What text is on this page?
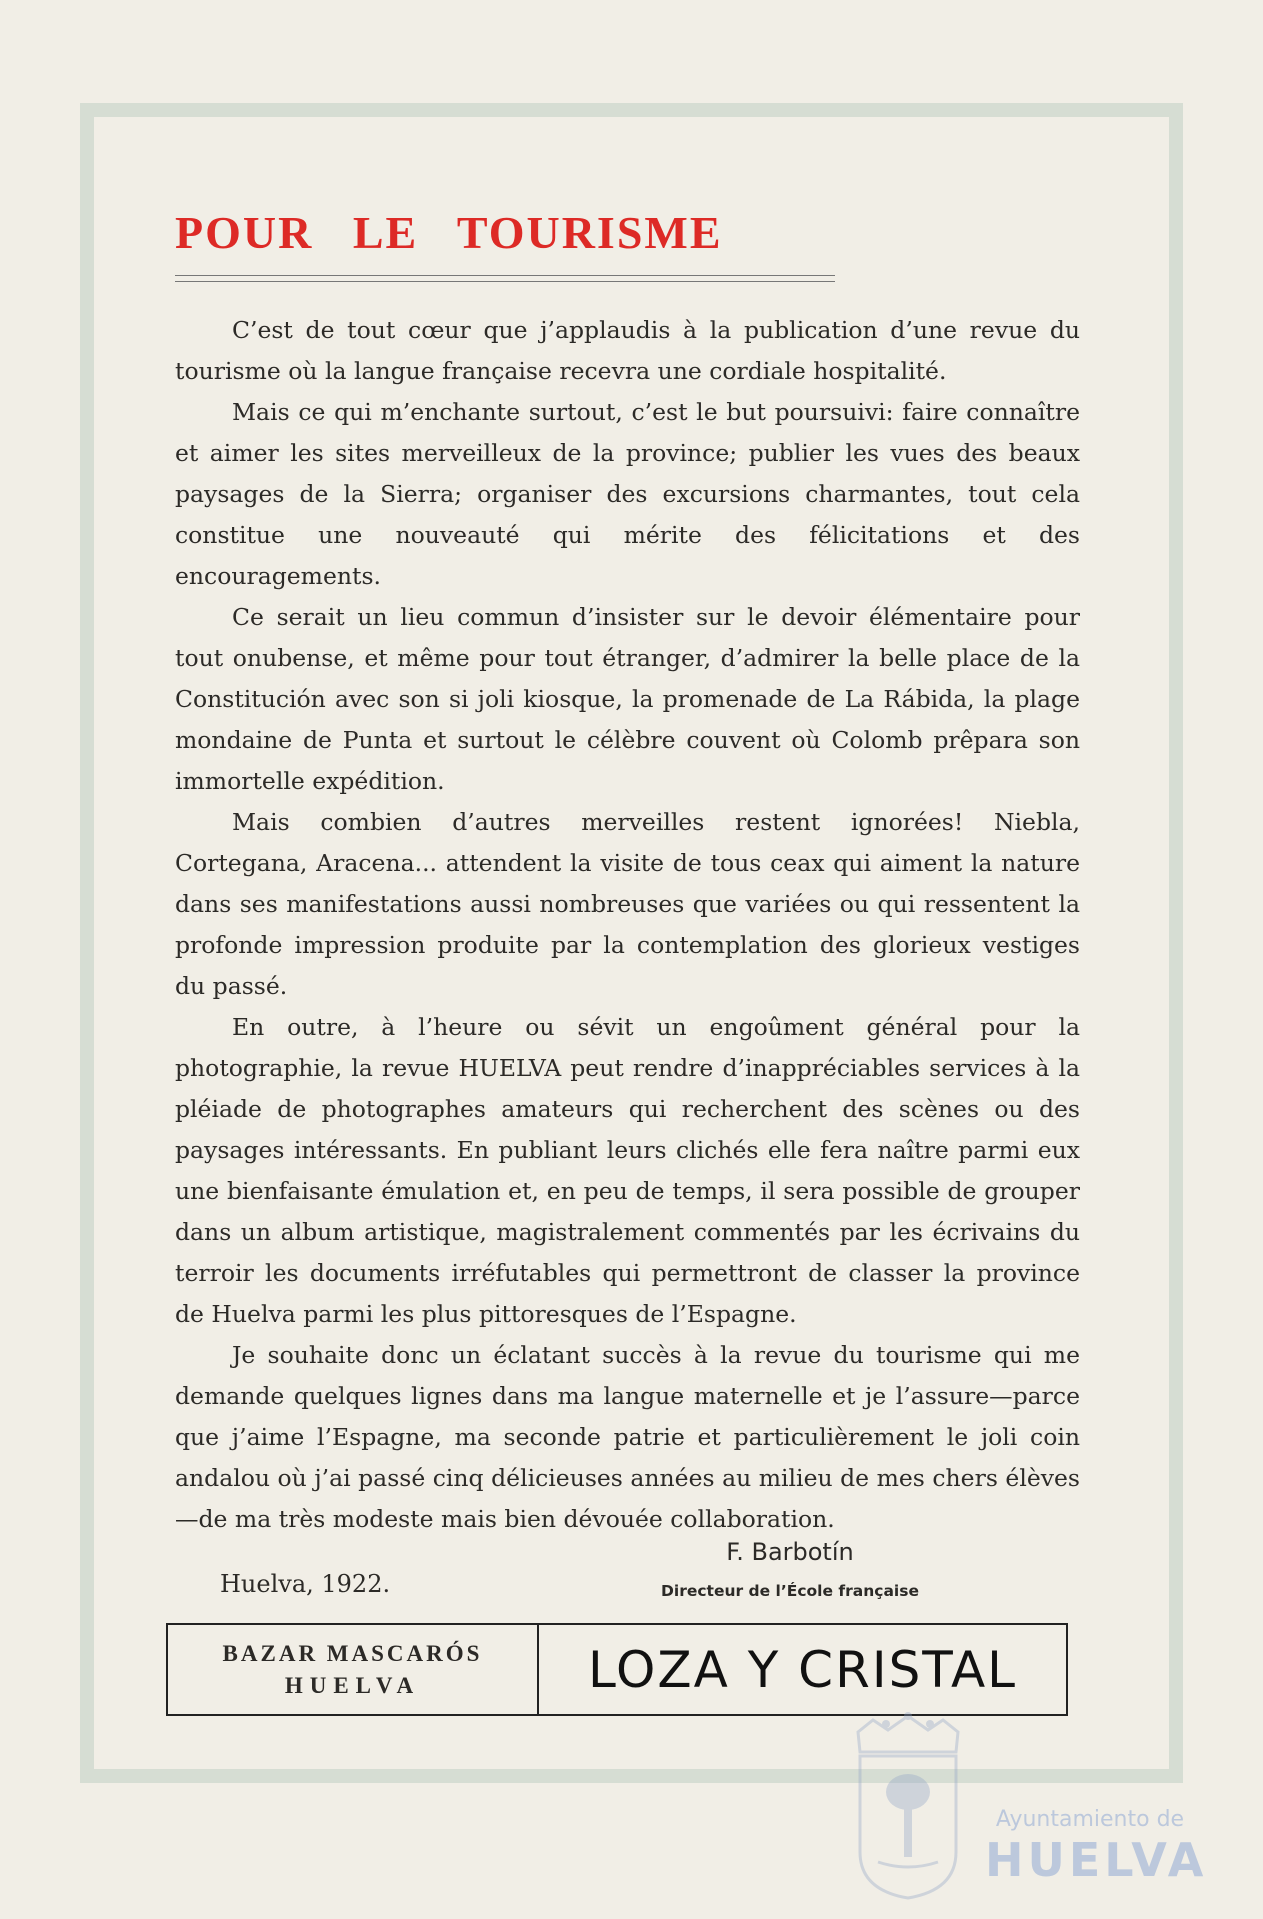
POUR LE TOURISME

C’est de tout cœur que j’applaudis à la publication d’une revue du tourisme où la langue française recevra une cordiale hospitalité.

Mais ce qui m’enchante surtout, c’est le but poursuivi: faire connaître et aimer les sites merveilleux de la province; publier les vues des beaux paysages de la Sierra; organiser des excursions charmantes, tout cela constitue une nouveauté qui mérite des félicitations et des encouragements.

Ce serait un lieu commun d’insister sur le devoir élémentaire pour tout onubense, et même pour tout étranger, d’admirer la belle place de la Constitución avec son si joli kiosque, la promenade de La Rábida, la plage mondaine de Punta et surtout le célèbre couvent où Colomb prêpara son immortelle expédition.

Mais combien d’autres merveilles restent ignorées! Niebla, Cortegana, Aracena... attendent la visite de tous ceax qui aiment la nature dans ses manifestations aussi nombreuses que variées ou qui ressentent la profonde impression produite par la contemplation des glorieux vestiges du passé.

En outre, à l’heure ou sévit un engoûment général pour la photographie, la revue HUELVA peut rendre d’inappréciables services à la pléiade de photographes amateurs qui recherchent des scènes ou des paysages intéressants. En publiant leurs clichés elle fera naître parmi eux une bienfaisante émulation et, en peu de temps, il sera possible de grouper dans un album artistique, magistralement commentés par les écrivains du terroir les documents irréfutables qui permettront de classer la province de Huelva parmi les plus pittoresques de l’Espagne.

Je souhaite donc un éclatant succès à la revue du tourisme qui me demande quelques lignes dans ma langue maternelle et je l’assure—parce que j’aime l’Espagne, ma seconde patrie et particulièrement le joli coin andalou où j’ai passé cinq délicieuses années au milieu de mes chers élèves—de ma très modeste mais bien dévouée collaboration.

Huelva, 1922.
F. Barbotín
Directeur de l’École française
BAZAR MASCARÓS
HUELVA	LOZA Y CRISTAL
Ayuntamiento de
HUELVA
